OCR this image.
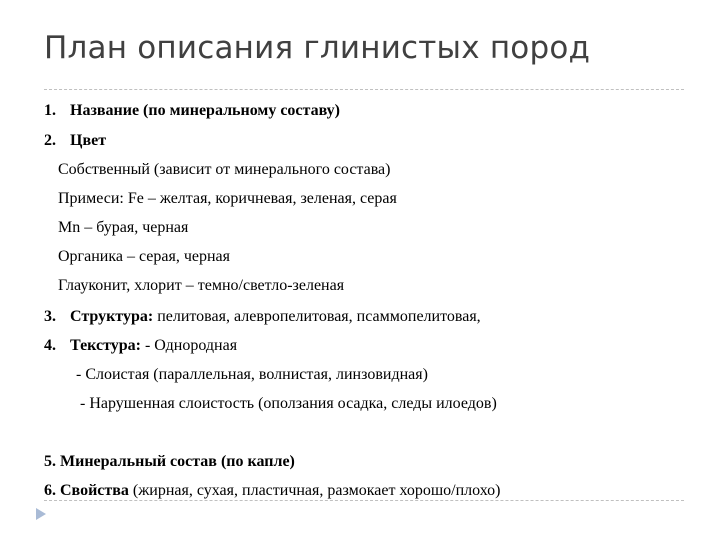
План описания глинистых пород
1. Название (по минеральному составу)
2. Цвет
Собственный (зависит от минерального состава)
Примеси: Fe – желтая, коричневая, зеленая, серая
Mn – бурая, черная
Органика – серая, черная
Глауконит, хлорит – темно/светло-зеленая
3. Структура: пелитовая, алевропелитовая, псаммопелитовая,
4. Текстура: - Однородная
- Слоистая (параллельная, волнистая, линзовидная)
- Нарушенная слоистость (оползания осадка, следы илоедов)
5. Минеральный состав (по капле)
6. Свойства (жирная, сухая, пластичная, размокает хорошо/плохо)
